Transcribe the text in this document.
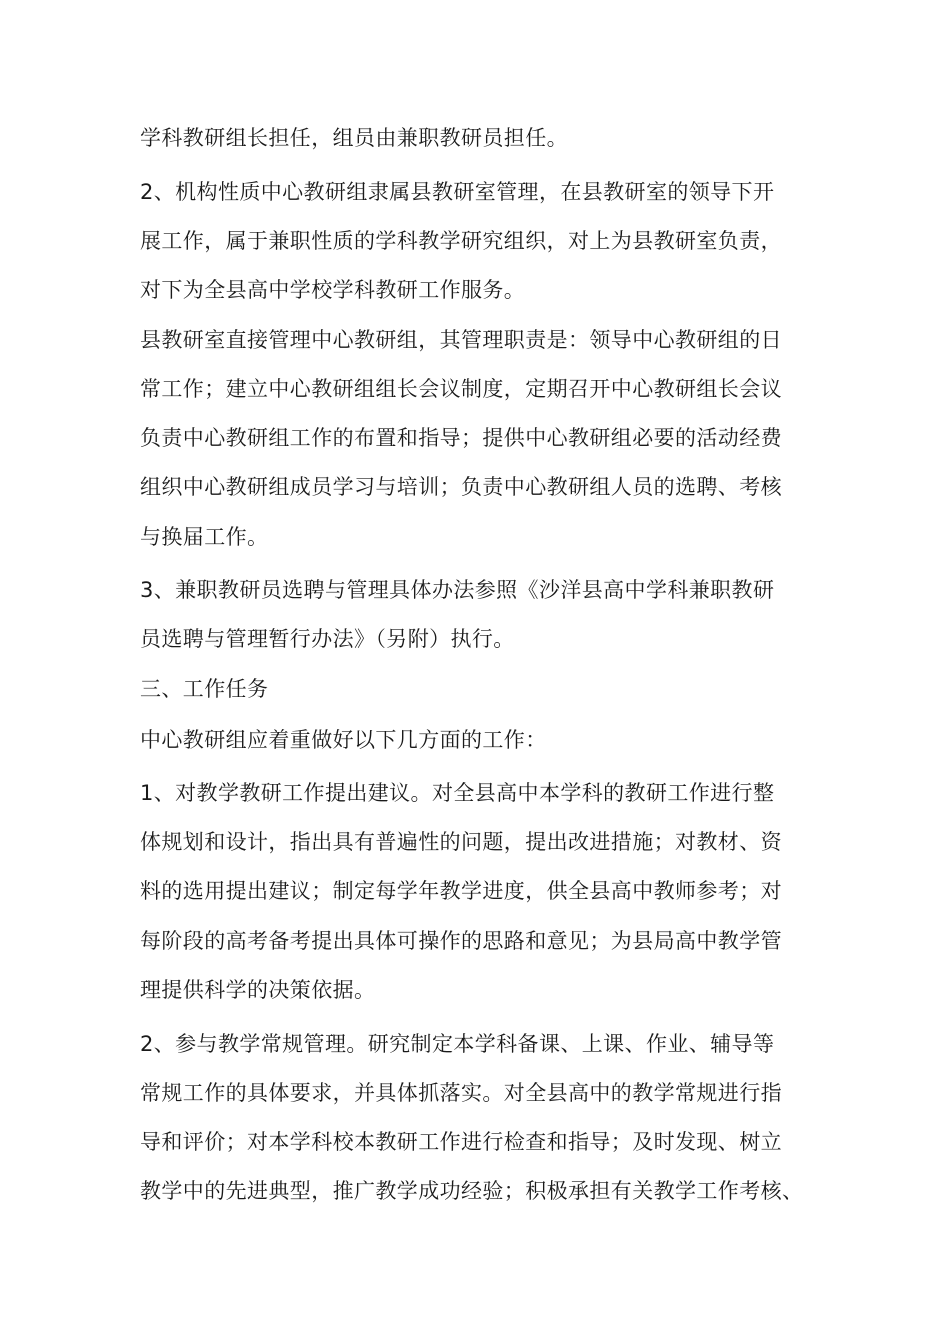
学科教研组长担任，组员由兼职教研员担任。
2、机构性质中心教研组隶属县教研室管理，在县教研室的领导下开
展工作，属于兼职性质的学科教学研究组织，对上为县教研室负责，
对下为全县高中学校学科教研工作服务。
县教研室直接管理中心教研组，其管理职责是：领导中心教研组的日
常工作；建立中心教研组组长会议制度，定期召开中心教研组长会议
负责中心教研组工作的布置和指导；提供中心教研组必要的活动经费
组织中心教研组成员学习与培训；负责中心教研组人员的选聘、考核
与换届工作。
3、兼职教研员选聘与管理具体办法参照《沙洋县高中学科兼职教研
员选聘与管理暂行办法》（另附）执行。
三、工作任务
中心教研组应着重做好以下几方面的工作：
1、对教学教研工作提出建议。对全县高中本学科的教研工作进行整
体规划和设计，指出具有普遍性的问题，提出改进措施；对教材、资
料的选用提出建议；制定每学年教学进度，供全县高中教师参考；对
每阶段的高考备考提出具体可操作的思路和意见；为县局高中教学管
理提供科学的决策依据。
2、参与教学常规管理。研究制定本学科备课、上课、作业、辅导等
常规工作的具体要求，并具体抓落实。对全县高中的教学常规进行指
导和评价；对本学科校本教研工作进行检查和指导；及时发现、树立
教学中的先进典型，推广教学成功经验；积极承担有关教学工作考核、
